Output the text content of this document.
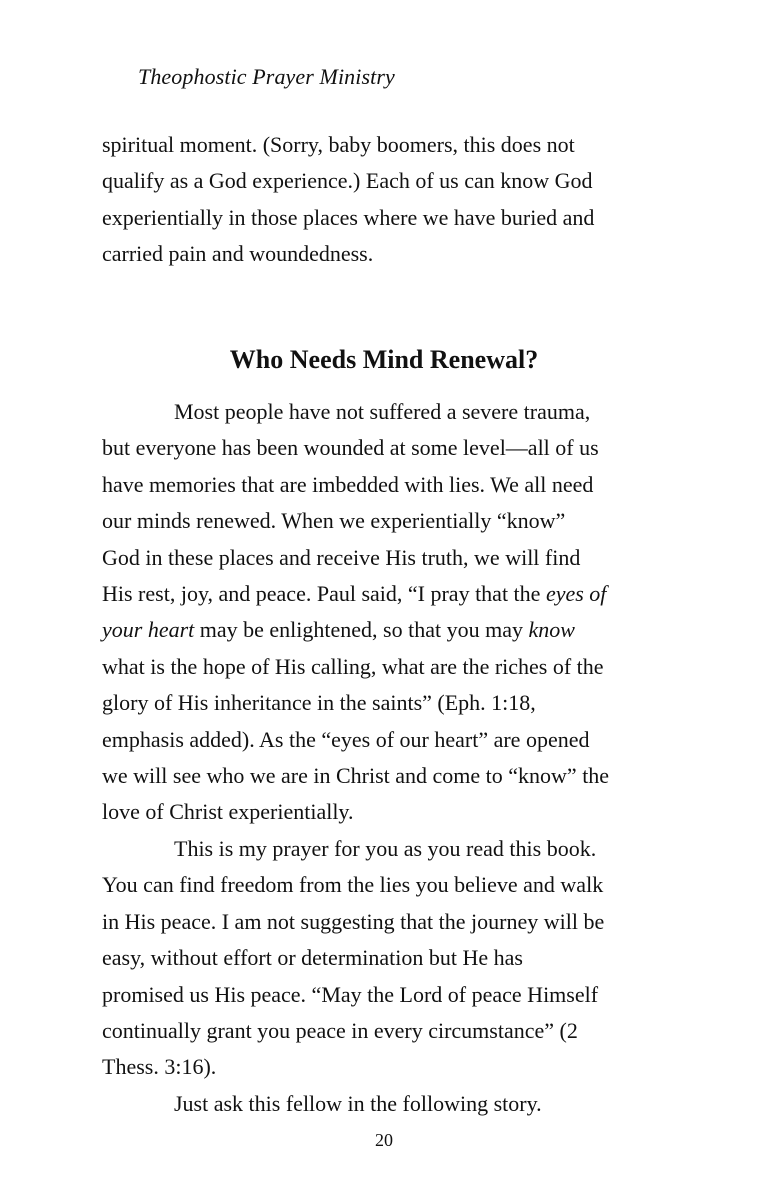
Theophostic Prayer Ministry
spiritual moment. (Sorry, baby boomers, this does not
qualify as a God experience.) Each of us can know God
experientially in those places where we have buried and
carried pain and woundedness.
Who Needs Mind Renewal?
Most people have not suffered a severe trauma,
but everyone has been wounded at some level—all of us
have memories that are imbedded with lies. We all need
our minds renewed. When we experientially “know”
God in these places and receive His truth, we will find
His rest, joy, and peace. Paul said, “I pray that the eyes of
your heart may be enlightened, so that you may know
what is the hope of His calling, what are the riches of the
glory of His inheritance in the saints” (Eph. 1:18,
emphasis added). As the “eyes of our heart” are opened
we will see who we are in Christ and come to “know” the
love of Christ experientially.
This is my prayer for you as you read this book.
You can find freedom from the lies you believe and walk
in His peace. I am not suggesting that the journey will be
easy, without effort or determination but He has
promised us His peace. “May the Lord of peace Himself
continually grant you peace in every circumstance” (2
Thess. 3:16).
Just ask this fellow in the following story.
20
